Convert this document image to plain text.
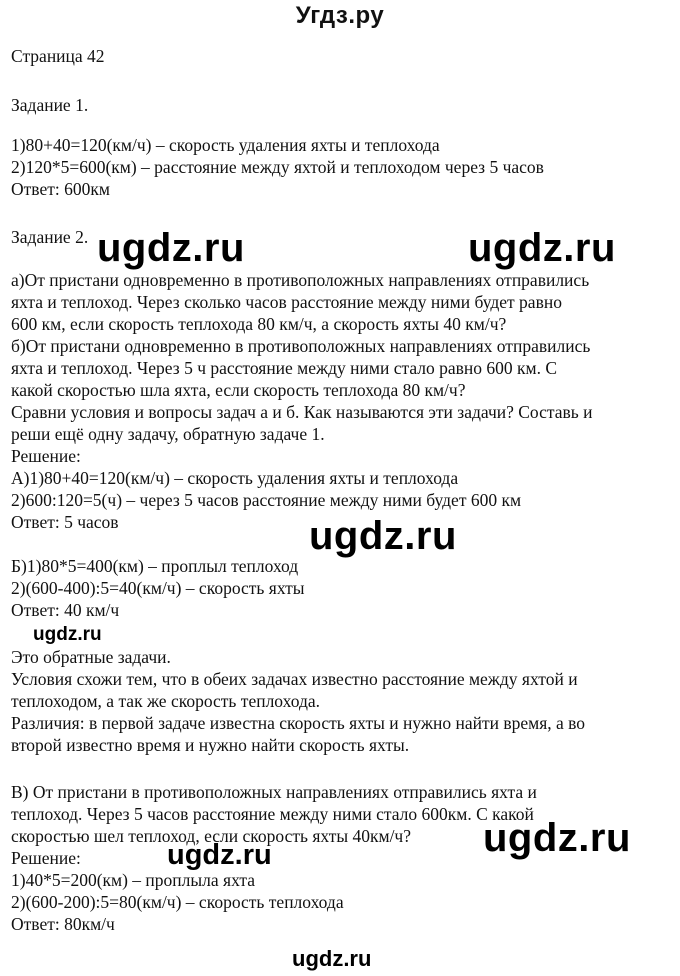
Угдз.ру
Страница 42
Задание 1.
1)80+40=120(км/ч) – скорость удаления яхты и теплохода
2)120*5=600(км) – расстояние между яхтой и теплоходом через 5 часов
Ответ: 600км
Задание 2.
а)От пристани одновременно в противоположных направлениях отправились
яхта и теплоход. Через сколько часов расстояние между ними будет равно
600 км, если скорость теплохода 80 км/ч, а скорость яхты 40 км/ч?
б)От пристани одновременно в противоположных направлениях отправились
яхта и теплоход. Через 5 ч расстояние между ними стало равно 600 км. С
какой скоростью шла яхта, если скорость теплохода 80 км/ч?
Сравни условия и вопросы задач а и б. Как называются эти задачи? Составь и
реши ещё одну задачу, обратную задаче 1.
Решение:
А)1)80+40=120(км/ч) – скорость удаления яхты и теплохода
2)600:120=5(ч) – через 5 часов расстояние между ними будет 600 км
Ответ: 5 часов
Б)1)80*5=400(км) – проплыл теплоход
2)(600-400):5=40(км/ч) – скорость яхты
Ответ: 40 км/ч
Это обратные задачи.
Условия схожи тем, что в обеих задачах известно расстояние между яхтой и
теплоходом, а так же скорость теплохода.
Различия: в первой задаче известна скорость яхты и нужно найти время, а во
второй известно время и нужно найти скорость яхты.
В) От пристани в противоположных направлениях отправились яхта и
теплоход. Через 5 часов расстояние между ними стало 600км. С какой
скоростью шел теплоход, если скорость яхты 40км/ч?
Решение:
1)40*5=200(км) – проплыла яхта
2)(600-200):5=80(км/ч) – скорость теплохода
Ответ: 80км/ч
ugdz.ru	ugdz.ru
ugdz.ru
ugdz.ru
ugdz.ru
ugdz.ru
ugdz.ru
